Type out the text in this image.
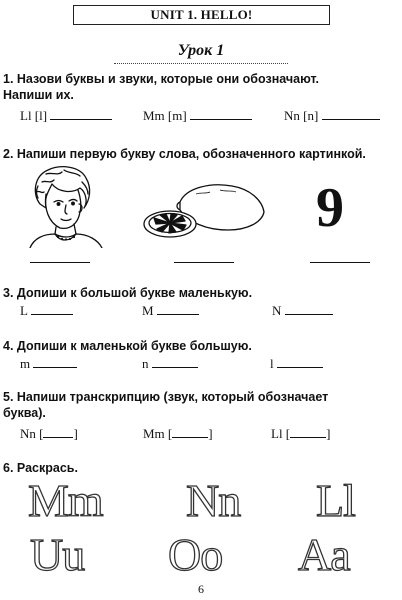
UNIT 1. HELLO!
Урок 1
1. Назови буквы и звуки, которые они обозначают.
Напиши их.
Ll [l]	Mm [m]	Nn [n]
2. Напиши первую букву слова, обозначенного картинкой.
9
3. Допиши к большой букве маленькую.
L	M	N
4. Допиши к маленькой букве большую.
m	n	l
5. Напиши транскрипцию (звук, который обозначает
буква).
Nn [ ]	Mm [	]	Ll [	]
6. Раскрась.
Mm Nn Ll
Uu Oo Aa
6
